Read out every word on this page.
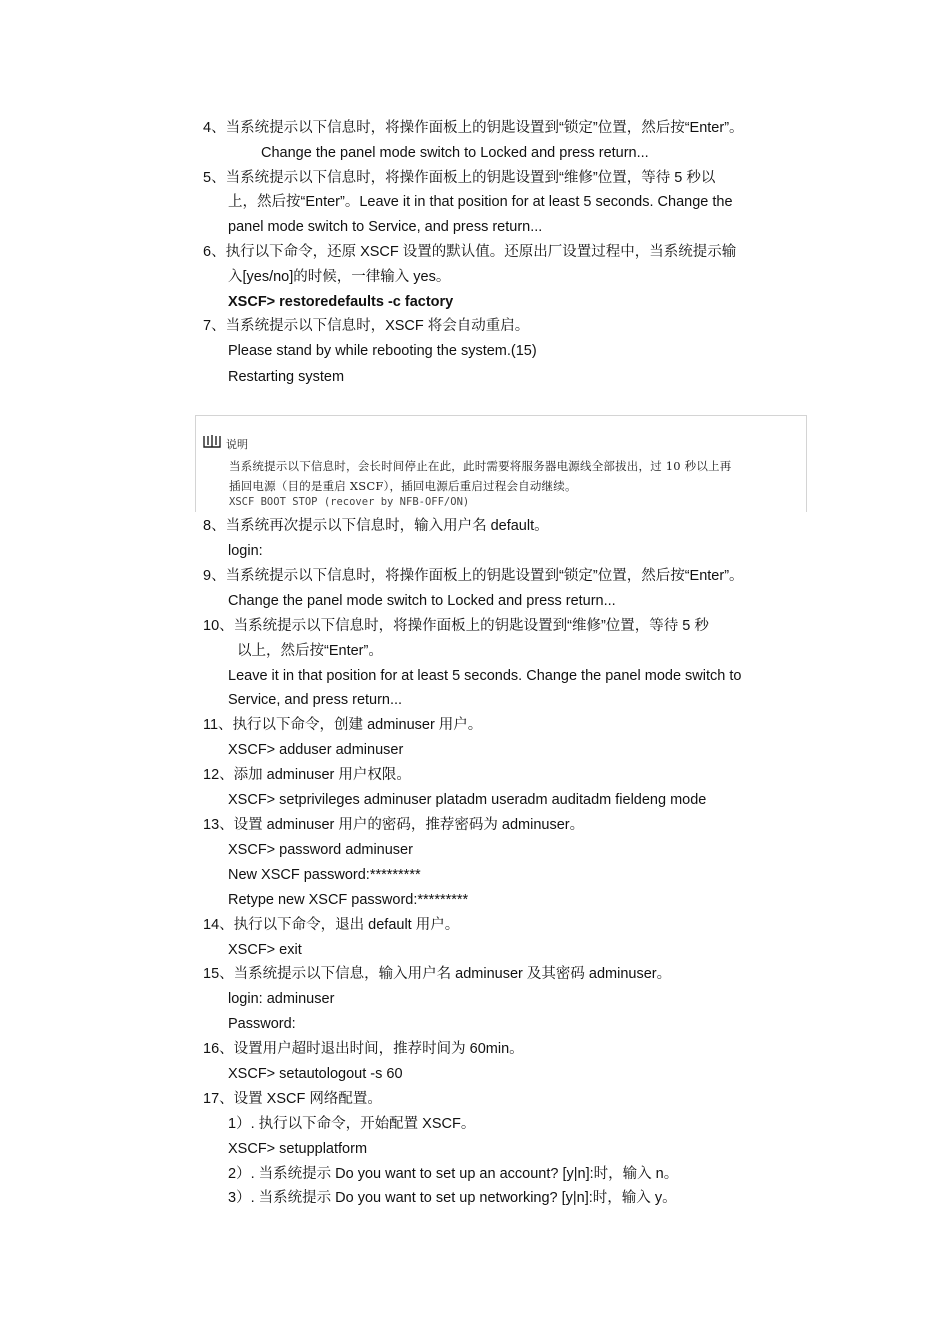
4、当系统提示以下信息时，将操作面板上的钥匙设置到“锁定”位置，然后按“Enter”。
Change the panel mode switch to Locked and press return...
5、当系统提示以下信息时，将操作面板上的钥匙设置到“维修”位置，等待 5 秒以
上，然后按“Enter”。Leave it in that position for at least 5 seconds. Change the
panel mode switch to Service, and press return...
6、执行以下命令，还原 XSCF 设置的默认值。还原出厂设置过程中，当系统提示输
入[yes/no]的时候，一律输入 yes。
XSCF> restoredefaults -c factory
7、当系统提示以下信息时，XSCF 将会自动重启。
Please stand by while rebooting the system.(15)
Restarting system
说明
当系统提示以下信息时，会长时间停止在此，此时需要将服务器电源线全部拔出，过 10 秒以上再
插回电源（目的是重启 XSCF），插回电源后重启过程会自动继续。
XSCF BOOT STOP (recover by NFB-OFF/ON)
8、当系统再次提示以下信息时，输入用户名 default。
login:
9、当系统提示以下信息时，将操作面板上的钥匙设置到“锁定”位置，然后按“Enter”。
Change the panel mode switch to Locked and press return...
10、当系统提示以下信息时，将操作面板上的钥匙设置到“维修”位置，等待 5 秒
以上，然后按“Enter”。
Leave it in that position for at least 5 seconds. Change the panel mode switch to
Service, and press return...
11、执行以下命令，创建 adminuser 用户。
XSCF> adduser adminuser
12、添加 adminuser 用户权限。
XSCF> setprivileges adminuser platadm useradm auditadm fieldeng mode
13、设置 adminuser 用户的密码，推荐密码为 adminuser。
XSCF> password adminuser
New XSCF password:*********
Retype new XSCF password:*********
14、执行以下命令，退出 default 用户。
XSCF> exit
15、当系统提示以下信息，输入用户名 adminuser 及其密码 adminuser。
login: adminuser
Password:
16、设置用户超时退出时间，推荐时间为 60min。
XSCF> setautologout -s 60
17、设置 XSCF 网络配置。
1）. 执行以下命令，开始配置 XSCF。
XSCF> setupplatform
2）. 当系统提示 Do you want to set up an account? [y|n]:时，输入 n。
3）. 当系统提示 Do you want to set up networking? [y|n]:时，输入 y。
